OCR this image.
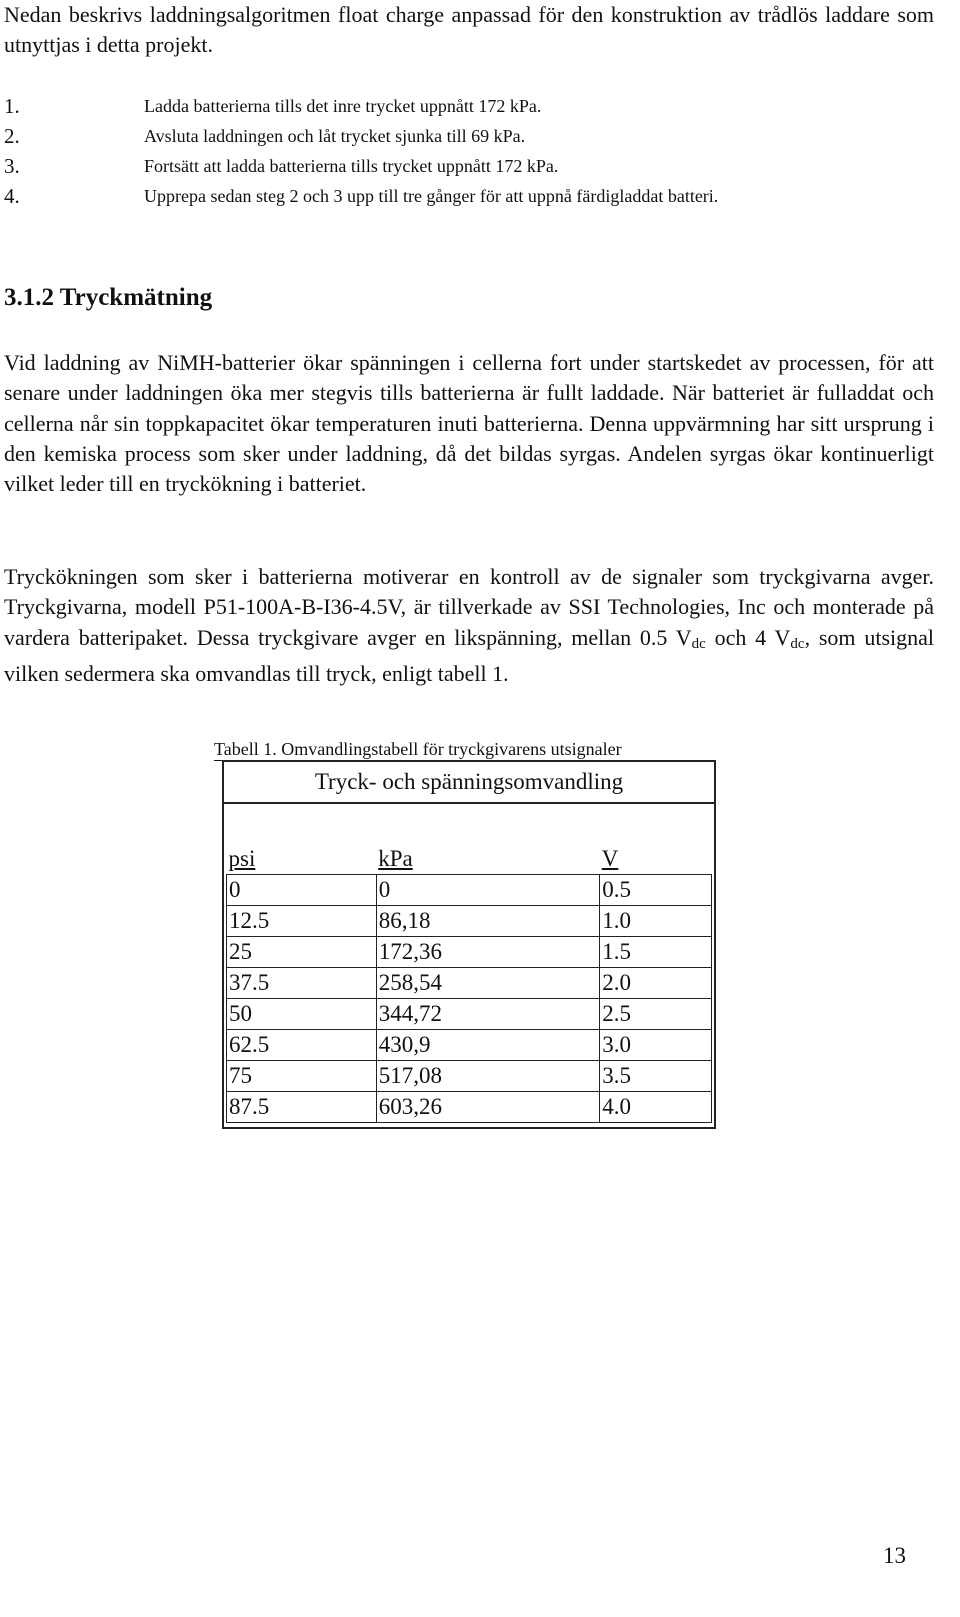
Nedan beskrivs laddningsalgoritmen float charge anpassad för den konstruktion av trådlös laddare som utnyttjas i detta projekt.

1.	Ladda batterierna tills det inre trycket uppnått 172 kPa.
2.	Avsluta laddningen och låt trycket sjunka till 69 kPa.
3.	Fortsätt att ladda batterierna tills trycket uppnått 172 kPa.
4.	Upprepa sedan steg 2 och 3 upp till tre gånger för att uppnå färdigladdat batteri.
3.1.2 Tryckmätning

Vid laddning av NiMH-batterier ökar spänningen i cellerna fort under startskedet av processen, för att senare under laddningen öka mer stegvis tills batterierna är fullt laddade. När batteriet är fulladdat och cellerna når sin toppkapacitet ökar temperaturen inuti batterierna. Denna uppvärmning har sitt ursprung i den kemiska process som sker under laddning, då det bildas syrgas. Andelen syrgas ökar kontinuerligt vilket leder till en tryckökning i batteriet.

Tryckökningen som sker i batterierna motiverar en kontroll av de signaler som tryckgivarna avger. Tryckgivarna, modell P51-100A-B-I36-4.5V, är tillverkade av SSI Technologies, Inc och monterade på vardera batteripaket. Dessa tryckgivare avger en likspänning, mellan 0.5 $V_{dc}$ och 4 $V_{dc}$, som utsignal vilken sedermera ska omvandlas till tryck, enligt tabell 1.

Tabell 1. Omvandlingstabell för tryckgivarens utsignaler

Tryck- och spänningsomvandling
psi	kPa	V
0	0	0.5
12.5	86,18	1.0
25	172,36	1.5
37.5	258,54	2.0
50	344,72	2.5
62.5	430,9	3.0
75	517,08	3.5
87.5	603,26	4.0

13
